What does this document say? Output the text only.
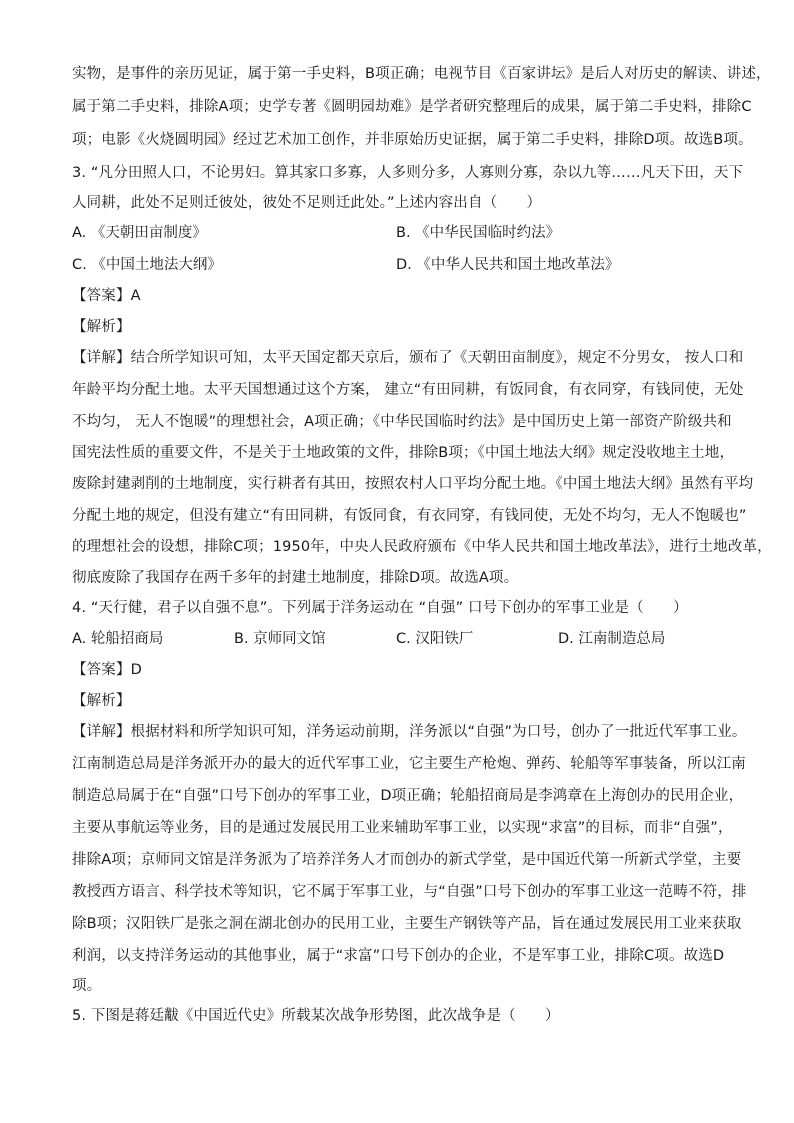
实物，是事件的亲历见证，属于第一手史料，B项正确；电视节目《百家讲坛》是后人对历史的解读、讲述，
属于第二手史料，排除A项；史学专著《圆明园劫难》是学者研究整理后的成果，属于第二手史料，排除C
项；电影《火烧圆明园》经过艺术加工创作，并非原始历史证据，属于第二手史料，排除D项。故选B项。
3. “凡分田照人口，不论男妇。算其家口多寡，人多则分多，人寡则分寡，杂以九等……凡天下田，天下
人同耕，此处不足则迁彼处，彼处不足则迁此处。”上述内容出自（　　）
A. 《天朝田亩制度》	B. 《中华民国临时约法》
C. 《中国土地法大纲》	D. 《中华人民共和国土地改革法》
【答案】A
【解析】
【详解】结合所学知识可知，太平天国定都天京后，颁布了《天朝田亩制度》，规定不分男女， 按人口和
年龄平均分配土地。太平天国想通过这个方案， 建立“有田同耕，有饭同食，有衣同穿，有钱同使，无处
不均匀， 无人不饱暖”的理想社会，A项正确；《中华民国临时约法》是中国历史上第一部资产阶级共和
国宪法性质的重要文件，不是关于土地政策的文件，排除B项；《中国土地法大纲》规定没收地主土地，
废除封建剥削的土地制度，实行耕者有其田，按照农村人口平均分配土地。《中国土地法大纲》虽然有平均
分配土地的规定，但没有建立“有田同耕，有饭同食，有衣同穿，有钱同使，无处不均匀，无人不饱暖也”
的理想社会的设想，排除C项；1950年，中央人民政府颁布《中华人民共和国土地改革法》，进行土地改革，
彻底废除了我国存在两千多年的封建土地制度，排除D项。故选A项。
4. “天行健，君子以自强不息”。下列属于洋务运动在 “自强” 口号下创办的军事工业是（　　）
A. 轮船招商局	B. 京师同文馆	C. 汉阳铁厂	D. 江南制造总局
【答案】D
【解析】
【详解】根据材料和所学知识可知，洋务运动前期，洋务派以“自强”为口号，创办了一批近代军事工业。
江南制造总局是洋务派开办的最大的近代军事工业，它主要生产枪炮、弹药、轮船等军事装备，所以江南
制造总局属于在“自强”口号下创办的军事工业，D项正确；轮船招商局是李鸿章在上海创办的民用企业，
主要从事航运等业务，目的是通过发展民用工业来辅助军事工业，以实现“求富”的目标，而非“自强”，
排除A项；京师同文馆是洋务派为了培养洋务人才而创办的新式学堂，是中国近代第一所新式学堂，主要
教授西方语言、科学技术等知识，它不属于军事工业，与“自强”口号下创办的军事工业这一范畴不符，排
除B项；汉阳铁厂是张之洞在湖北创办的民用工业，主要生产钢铁等产品，旨在通过发展民用工业来获取
利润，以支持洋务运动的其他事业，属于“求富”口号下创办的企业，不是军事工业，排除C项。故选D
项。
5. 下图是蒋廷黻《中国近代史》所载某次战争形势图，此次战争是（　　）
